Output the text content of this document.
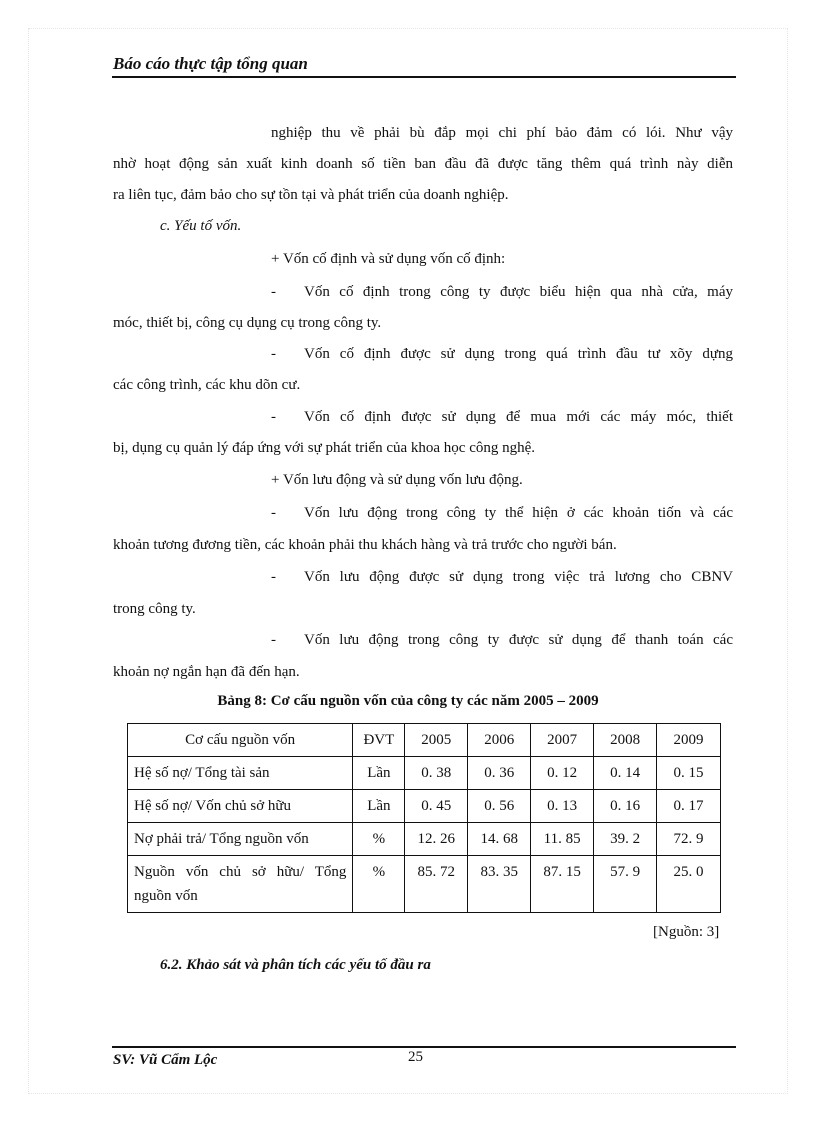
Báo cáo thực tập tổng quan
nghiệp thu về phải bù đắp mọi chi phí bảo đảm có lói. Như vậy
nhờ hoạt động sản xuất kinh doanh số tiền ban đầu đã được tăng thêm quá trình này diễn
ra liên tục, đảm bảo cho sự tồn tại và phát triển của doanh nghiệp.
c. Yếu tố vốn.
+ Vốn cố định và sử dụng vốn cố định:
- Vốn cố định trong công ty được biểu hiện qua nhà cửa, máy
móc, thiết bị, công cụ dụng cụ trong công ty.
- Vốn cố định được sử dụng trong quá trình đầu tư xõy dựng
các công trình, các khu dõn cư.
- Vốn cố định được sử dụng để mua mới các máy móc, thiết
bị, dụng cụ quản lý đáp ứng với sự phát triển của khoa học công nghệ.
+ Vốn lưu động và sử dụng vốn lưu động.
- Vốn lưu động trong công ty thể hiện ở các khoản tiốn và các
khoản tương đương tiền, các khoản phải thu khách hàng và trả trước cho người bán.
- Vốn lưu động được sử dụng trong việc trả lương cho CBNV
trong công ty.
- Vốn lưu động trong công ty được sử dụng để thanh toán các
khoản nợ ngắn hạn đã đến hạn.
Bảng 8: Cơ cấu nguồn vốn của công ty các năm 2005 – 2009
Cơ cấu nguồn vốn	ĐVT	2005	2006	2007	2008	2009
Hệ số nợ/ Tổng tài sản	Lần	0. 38	0. 36	0. 12	0. 14	0. 15
Hệ số nợ/ Vốn chủ sở hữu	Lần	0. 45	0. 56	0. 13	0. 16	0. 17
Nợ phải trả/ Tổng nguồn vốn	%	12. 26	14. 68	11. 85	39. 2	72. 9
Nguồn vốn chủ sở hữu/ Tổng nguồn vốn	%	85. 72	83. 35	87. 15	57. 9	25. 0
[Nguồn: 3]
6.2. Khảo sát và phân tích các yếu tố đầu ra
SV: Vũ Cẩm Lộc	25
